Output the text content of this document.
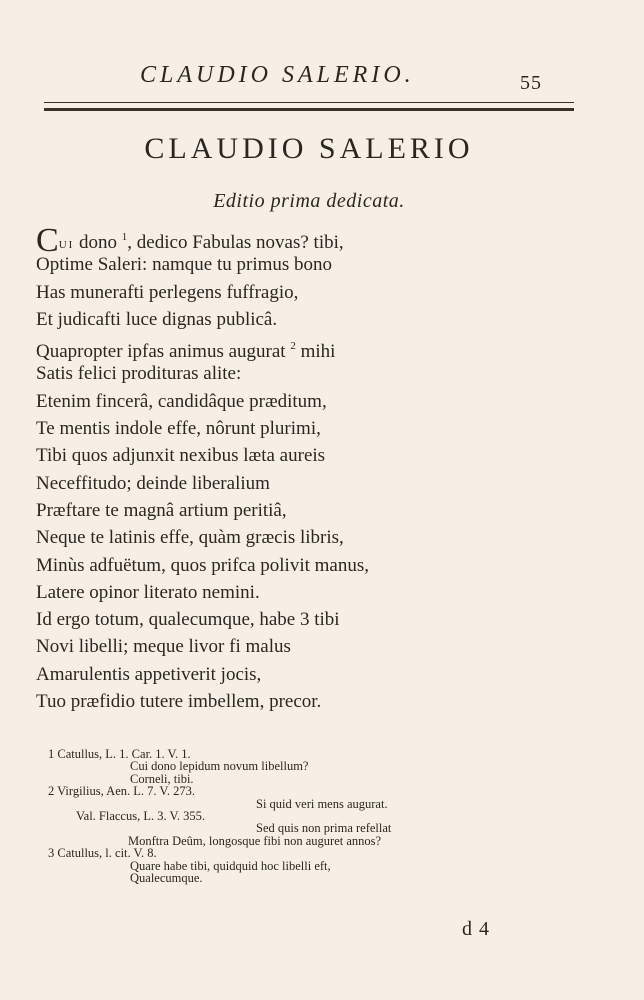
CLAUDIO SALERIO.	55
CLAUDIO SALERIO
Editio prima dedicata.
Cui dono $^1$, dedico Fabulas novas? tibi,
Optime Saleri: namque tu primus bono
Has munerafti perlegens fuffragio,
Et judicafti luce dignas publicâ.
Quapropter ipfas animus augurat $^2$ mihi
Satis felici prodituras alite:
Etenim fincerâ, candidâque præditum,
Te mentis indole effe, nôrunt plurimi,
Tibi quos adjunxit nexibus læta aureis
Neceffitudo; deinde liberalium
Præftare te magnâ artium peritiâ,
Neque te latinis effe, quàm græcis libris,
Minùs adfuëtum, quos prifca polivit manus,
Latere opinor literato nemini.
Id ergo totum, qualecumque, habe 3 tibi
Novi libelli; meque livor fi malus
Amarulentis appetiverit jocis,
Tuo præfidio tutere imbellem, precor.
1 Catullus, L. 1. Car. 1. V. 1.
Cui dono lepidum novum libellum?
Corneli, tibi.
2 Virgilius, Aen. L. 7. V. 273.
Si quid veri mens augurat.
Val. Flaccus, L. 3. V. 355.
Sed quis non prima refellat
Monftra Deûm, longosque fibi non auguret annos?
3 Catullus, l. cit. V. 8.
Quare habe tibi, quidquid hoc libelli eft,
Qualecumque.
d 4
